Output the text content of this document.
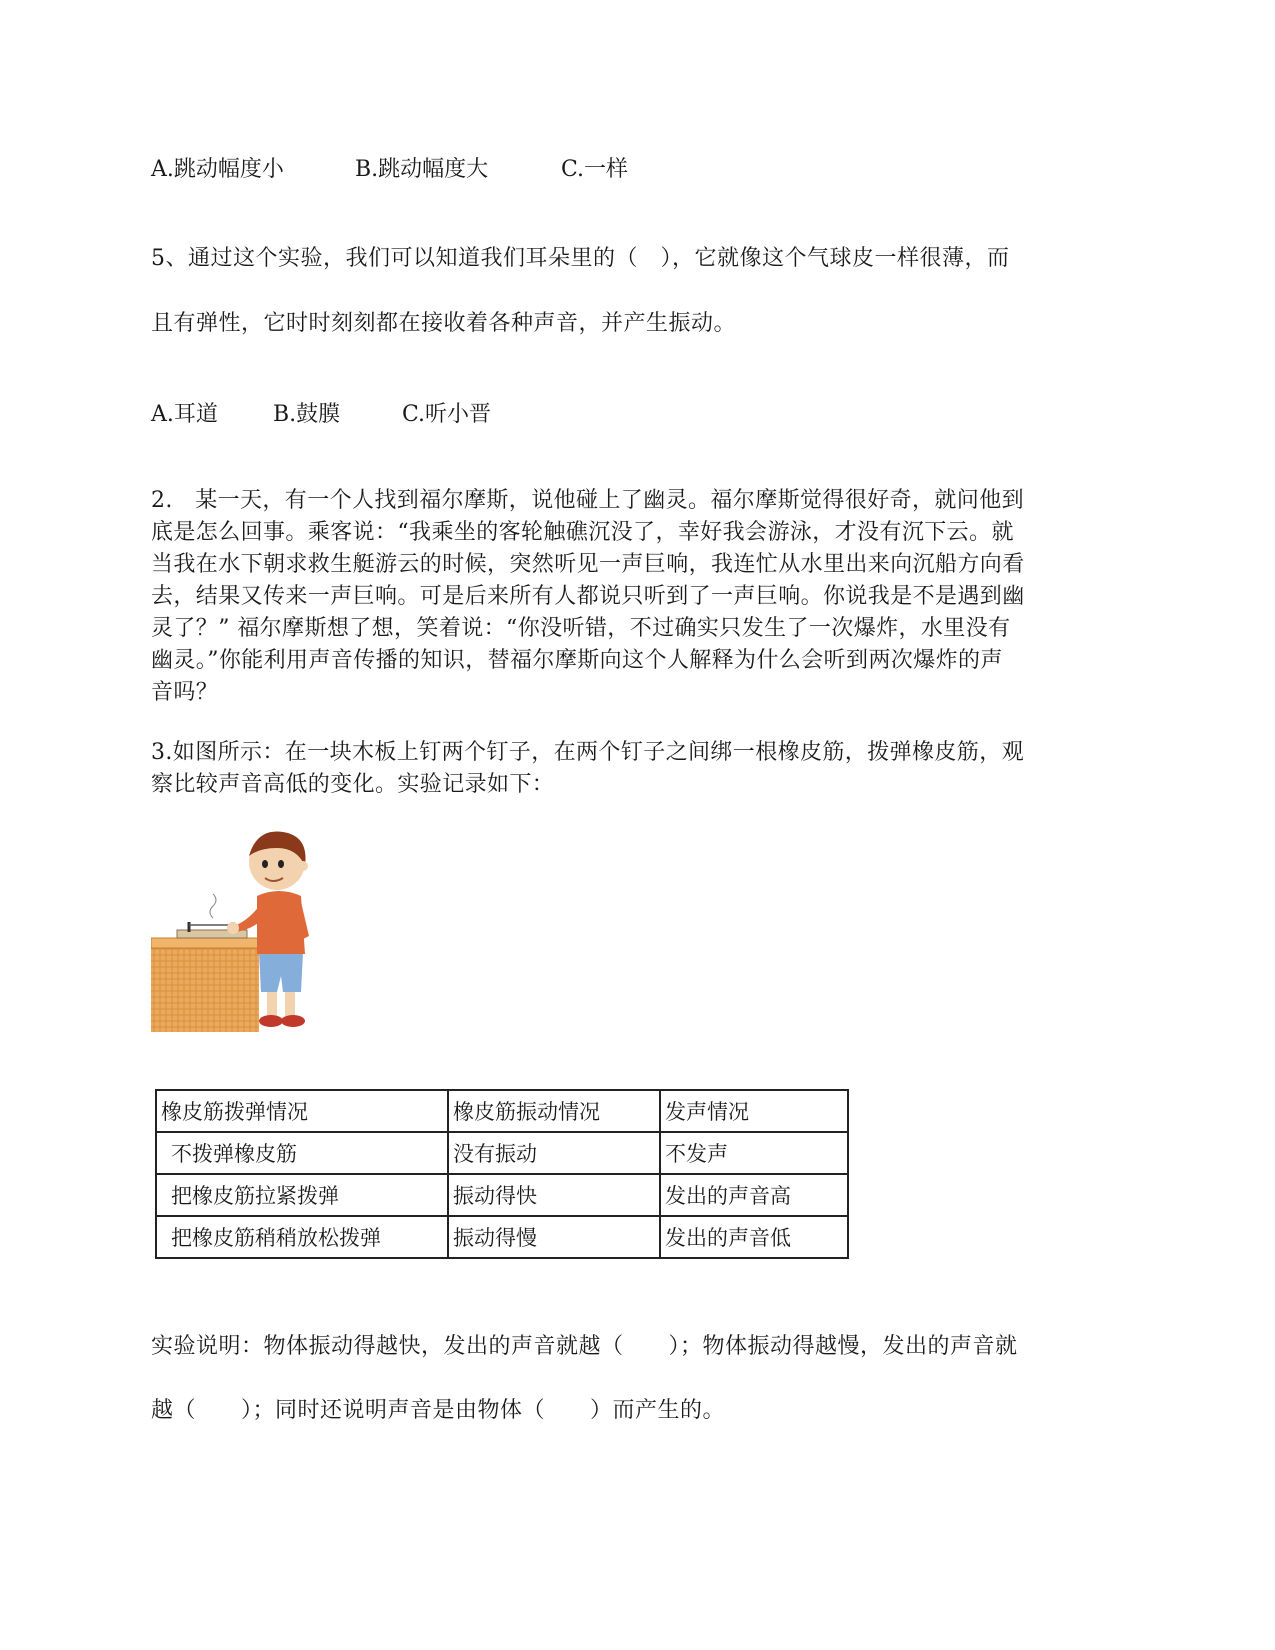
A.跳动幅度小	B.跳动幅度大	C.一样
5、通过这个实验，我们可以知道我们耳朵里的（　），它就像这个气球皮一样很薄，而
且有弹性，它时时刻刻都在接收着各种声音，并产生振动。
A.耳道	B.鼓膜	C.听小晋

2.　某一天，有一个人找到福尔摩斯，说他碰上了幽灵。福尔摩斯觉得很好奇，就问他到

底是怎么回事。乘客说：“我乘坐的客轮触礁沉没了，幸好我会游泳，才没有沉下云。就

当我在水下朝求救生艇游云的时候，突然听见一声巨响，我连忙从水里出来向沉船方向看

去，结果又传来一声巨响。可是后来所有人都说只听到了一声巨响。你说我是不是遇到幽

灵了？” 福尔摩斯想了想，笑着说：“你没听错，不过确实只发生了一次爆炸，水里没有

幽灵。”你能利用声音传播的知识，替福尔摩斯向这个人解释为什么会听到两次爆炸的声

音吗？

3.如图所示：在一块木板上钉两个钉子，在两个钉子之间绑一根橡皮筋，拨弹橡皮筋，观

察比较声音高低的变化。实验记录如下：

橡皮筋拨弹情况	橡皮筋振动情况	发声情况
不拨弹橡皮筋	没有振动	不发声
把橡皮筋拉紧拨弹	振动得快	发出的声音高
把橡皮筋稍稍放松拨弹	振动得慢	发出的声音低
实验说明：物体振动得越快，发出的声音就越（　　）；物体振动得越慢，发出的声音就
越（　　）；同时还说明声音是由物体（　　）而产生的。
